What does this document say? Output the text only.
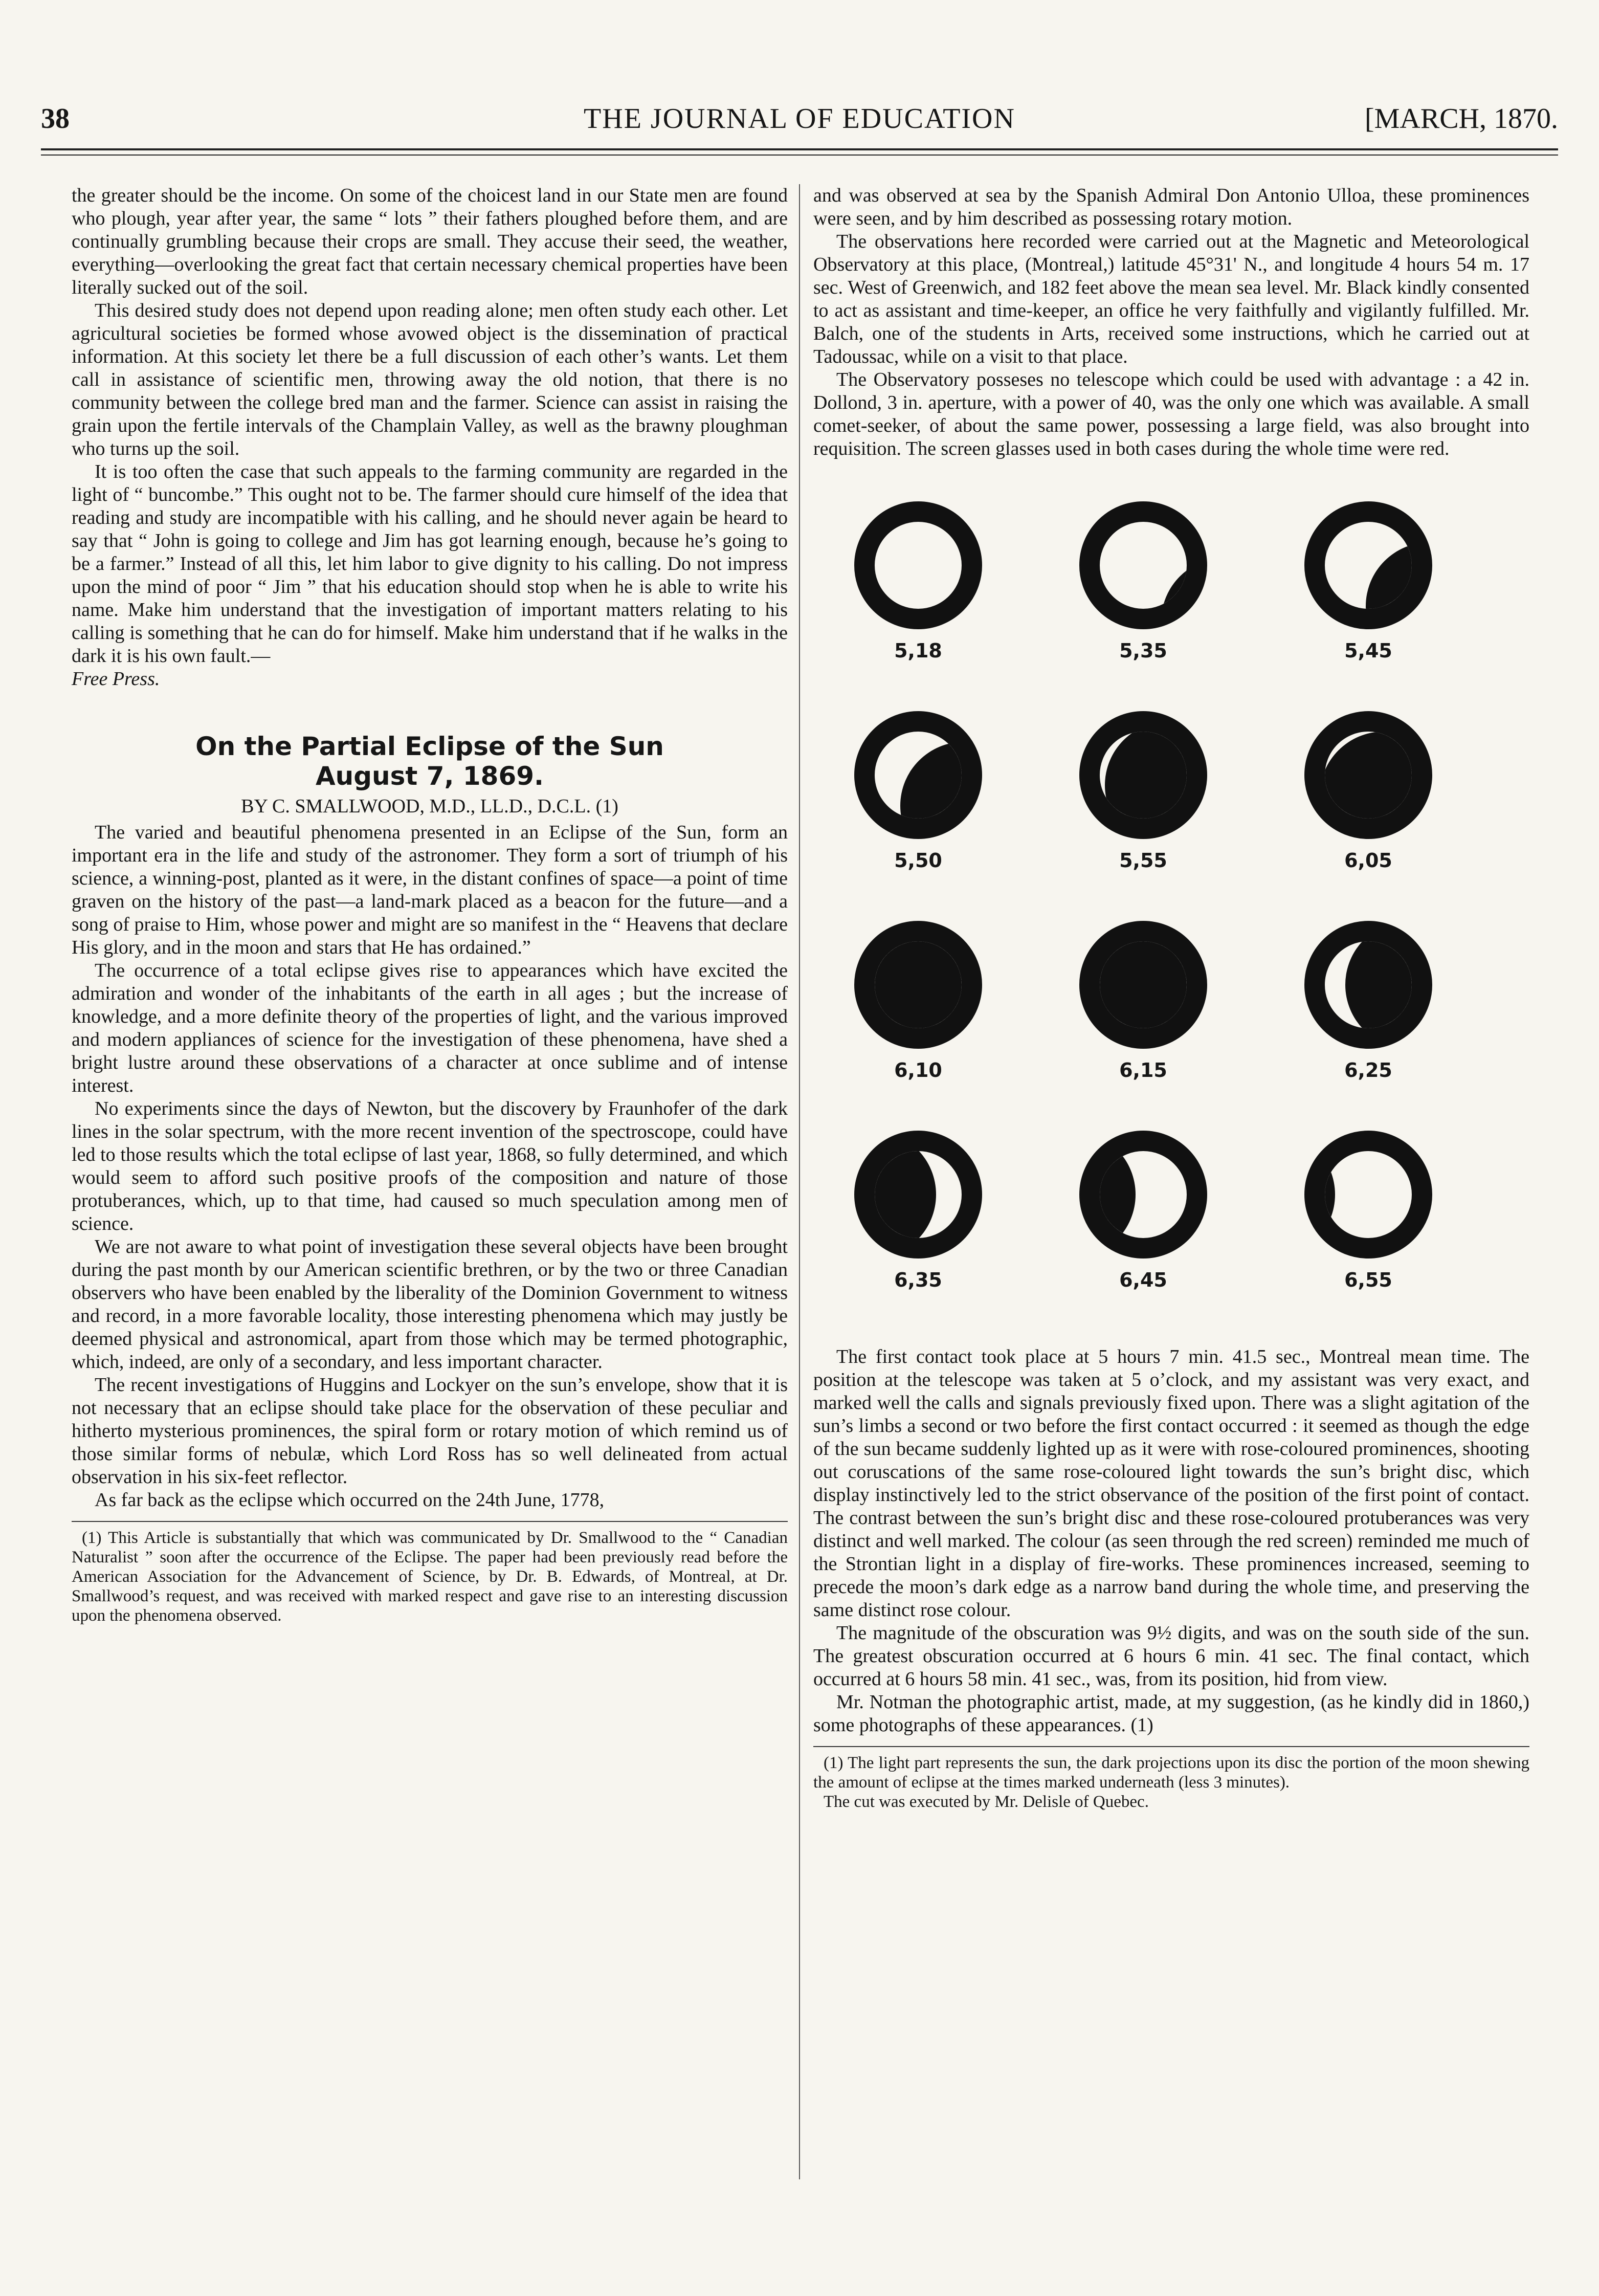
38	THE JOURNAL OF EDUCATION	[MARCH, 1870.

the greater should be the income. On some of the choicest land in our State men are found who plough, year after year, the same “ lots ” their fathers ploughed before them, and are continually grumbling because their crops are small. They accuse their seed, the weather, everything—overlooking the great fact that certain necessary chemical properties have been literally sucked out of the soil.

This desired study does not depend upon reading alone; men often study each other. Let agricultural societies be formed whose avowed object is the dissemination of practical information. At this society let there be a full discussion of each other’s wants. Let them call in assistance of scientific men, throwing away the old notion, that there is no community between the college bred man and the farmer. Science can assist in raising the grain upon the fertile intervals of the Champlain Valley, as well as the brawny ploughman who turns up the soil.

It is too often the case that such appeals to the farming community are regarded in the light of “ buncombe.” This ought not to be. The farmer should cure himself of the idea that reading and study are incompatible with his calling, and he should never again be heard to say that “ John is going to college and Jim has got learning enough, because he’s going to be a farmer.” Instead of all this, let him labor to give dignity to his calling. Do not impress upon the mind of poor “ Jim ” that his education should stop when he is able to write his name. Make him understand that the investigation of important matters relating to his calling is something that he can do for himself. Make him understand that if he walks in the dark it is his own fault.—

Free Press.

On the Partial Eclipse of the Sun
August 7, 1869.
BY C. SMALLWOOD, M.D., LL.D., D.C.L. (1)

The varied and beautiful phenomena presented in an Eclipse of the Sun, form an important era in the life and study of the astronomer. They form a sort of triumph of his science, a winning-post, planted as it were, in the distant confines of space—a point of time graven on the history of the past—a land-mark placed as a beacon for the future—and a song of praise to Him, whose power and might are so manifest in the “ Heavens that declare His glory, and in the moon and stars that He has ordained.”

The occurrence of a total eclipse gives rise to appearances which have excited the admiration and wonder of the inhabitants of the earth in all ages ; but the increase of knowledge, and a more definite theory of the properties of light, and the various improved and modern appliances of science for the investigation of these phenomena, have shed a bright lustre around these observations of a character at once sublime and of intense interest.

No experiments since the days of Newton, but the discovery by Fraunhofer of the dark lines in the solar spectrum, with the more recent invention of the spectroscope, could have led to those results which the total eclipse of last year, 1868, so fully determined, and which would seem to afford such positive proofs of the composition and nature of those protuberances, which, up to that time, had caused so much speculation among men of science.

We are not aware to what point of investigation these several objects have been brought during the past month by our American scientific brethren, or by the two or three Canadian observers who have been enabled by the liberality of the Dominion Government to witness and record, in a more favorable locality, those interesting phenomena which may justly be deemed physical and astronomical, apart from those which may be termed photographic, which, indeed, are only of a secondary, and less important character.

The recent investigations of Huggins and Lockyer on the sun’s envelope, show that it is not necessary that an eclipse should take place for the observation of these peculiar and hitherto mysterious prominences, the spiral form or rotary motion of which remind us of those similar forms of nebulæ, which Lord Ross has so well delineated from actual observation in his six-feet reflector.

As far back as the eclipse which occurred on the 24th June, 1778,

(1) This Article is substantially that which was communicated by Dr. Smallwood to the “ Canadian Naturalist ” soon after the occurrence of the Eclipse. The paper had been previously read before the American Association for the Advancement of Science, by Dr. B. Edwards, of Montreal, at Dr. Smallwood’s request, and was received with marked respect and gave rise to an interesting discussion upon the phenomena observed.

and was observed at sea by the Spanish Admiral Don Antonio Ulloa, these prominences were seen, and by him described as possessing rotary motion.

The observations here recorded were carried out at the Magnetic and Meteorological Observatory at this place, (Montreal,) latitude 45°31' N., and longitude 4 hours 54 m. 17 sec. West of Greenwich, and 182 feet above the mean sea level. Mr. Black kindly consented to act as assistant and time-keeper, an office he very faithfully and vigilantly fulfilled. Mr. Balch, one of the students in Arts, received some instructions, which he carried out at Tadoussac, while on a visit to that place.

The Observatory posseses no telescope which could be used with advantage : a 42 in. Dollond, 3 in. aperture, with a power of 40, was the only one which was available. A small comet-seeker, of about the same power, possessing a large field, was also brought into requisition. The screen glasses used in both cases during the whole time were red.

5,18	5,35	5,45
5,50	5,55	6,05
6,10	6,15	6,25
6,35	6,45	6,55

The first contact took place at 5 hours 7 min. 41.5 sec., Montreal mean time. The position at the telescope was taken at 5 o’clock, and my assistant was very exact, and marked well the calls and signals previously fixed upon. There was a slight agitation of the sun’s limbs a second or two before the first contact occurred : it seemed as though the edge of the sun became suddenly lighted up as it were with rose-coloured prominences, shooting out coruscations of the same rose-coloured light towards the sun’s bright disc, which display instinctively led to the strict observance of the position of the first point of contact. The contrast between the sun’s bright disc and these rose-coloured protuberances was very distinct and well marked. The colour (as seen through the red screen) reminded me much of the Strontian light in a display of fire-works. These prominences increased, seeming to precede the moon’s dark edge as a narrow band during the whole time, and preserving the same distinct rose colour.

The magnitude of the obscuration was 9½ digits, and was on the south side of the sun. The greatest obscuration occurred at 6 hours 6 min. 41 sec. The final contact, which occurred at 6 hours 58 min. 41 sec., was, from its position, hid from view.

Mr. Notman the photographic artist, made, at my suggestion, (as he kindly did in 1860,) some photographs of these appearances. (1)

(1) The light part represents the sun, the dark projections upon its disc the portion of the moon shewing the amount of eclipse at the times marked underneath (less 3 minutes).

The cut was executed by Mr. Delisle of Quebec.
